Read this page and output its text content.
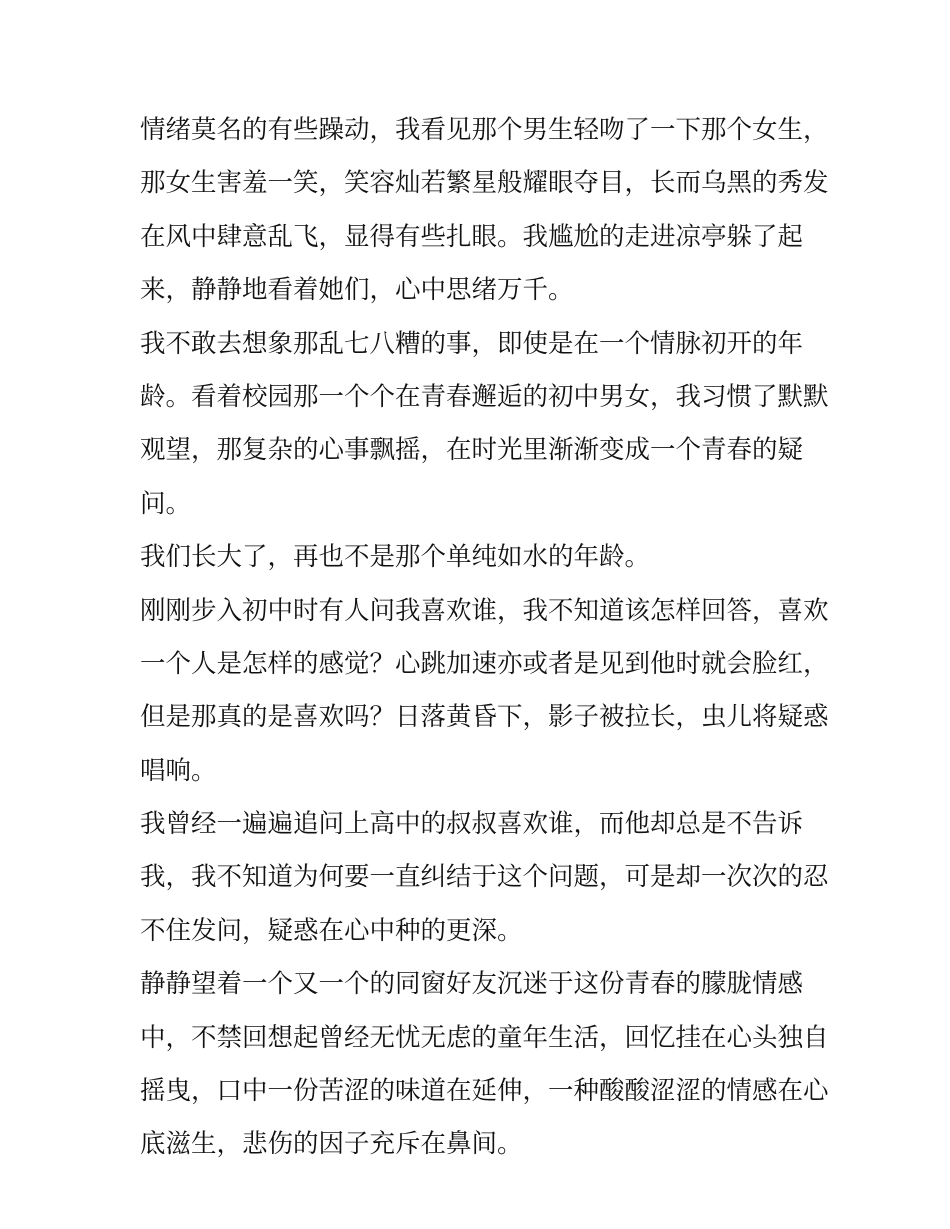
情绪莫名的有些躁动，我看见那个男生轻吻了一下那个女生，
那女生害羞一笑，笑容灿若繁星般耀眼夺目，长而乌黑的秀发
在风中肆意乱飞，显得有些扎眼。我尴尬的走进凉亭躲了起
来，静静地看着她们，心中思绪万千。
我不敢去想象那乱七八糟的事，即使是在一个情脉初开的年
龄。看着校园那一个个在青春邂逅的初中男女，我习惯了默默
观望，那复杂的心事飘摇，在时光里渐渐变成一个青春的疑
问。
我们长大了，再也不是那个单纯如水的年龄。
刚刚步入初中时有人问我喜欢谁，我不知道该怎样回答，喜欢
一个人是怎样的感觉？心跳加速亦或者是见到他时就会脸红，
但是那真的是喜欢吗？日落黄昏下，影子被拉长，虫儿将疑惑
唱响。
我曾经一遍遍追问上高中的叔叔喜欢谁，而他却总是不告诉
我，我不知道为何要一直纠结于这个问题，可是却一次次的忍
不住发问，疑惑在心中种的更深。
静静望着一个又一个的同窗好友沉迷于这份青春的朦胧情感
中，不禁回想起曾经无忧无虑的童年生活，回忆挂在心头独自
摇曳，口中一份苦涩的味道在延伸，一种酸酸涩涩的情感在心
底滋生，悲伤的因子充斥在鼻间。
